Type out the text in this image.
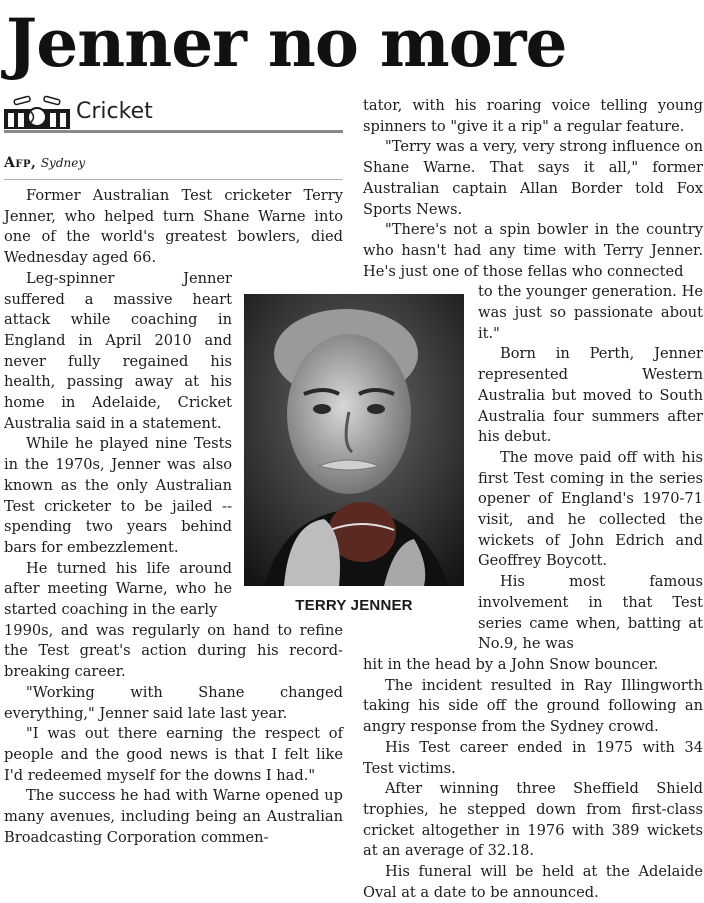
Jenner no more
Cricket
Afp, Sydney

Former Australian Test cricketer Terry Jenner, who helped turn Shane Warne into one of the world's greatest bowlers, died Wednesday aged 66.

Leg-spinner Jenner suffered a massive heart attack while coaching in England in April 2010 and never fully regained his health, passing away at his home in Adelaide, Cricket Australia said in a statement.

While he played nine Tests in the 1970s, Jenner was also known as the only Australian Test cricketer to be jailed -- spending two years behind bars for embezzlement.

He turned his life around after meeting Warne, who he started coaching in the early

1990s, and was regularly on hand to refine the Test great's action during his record-breaking career.

"Working with Shane changed everything," Jenner said late last year.

"I was out there earning the respect of people and the good news is that I felt like I'd redeemed myself for the downs I had."

The success he had with Warne opened up many avenues, including being an Australian Broadcasting Corporation commen-

TERRY JENNER

tator, with his roaring voice telling young spinners to "give it a rip" a regular feature.

"Terry was a very, very strong influence on Shane Warne. That says it all," former Australian captain Allan Border told Fox Sports News.

"There's not a spin bowler in the country who hasn't had any time with Terry Jenner. He's just one of those fellas who connected

to the younger generation. He was just so passionate about it."

Born in Perth, Jenner represented Western Australia but moved to South Australia four summers after his debut.

The move paid off with his first Test coming in the series opener of England's 1970-71 visit, and he collected the wickets of John Edrich and Geoffrey Boycott.

His most famous involvement in that Test series came when, batting at No.9, he was

hit in the head by a John Snow bouncer.

The incident resulted in Ray Illingworth taking his side off the ground following an angry response from the Sydney crowd.

His Test career ended in 1975 with 34 Test victims.

After winning three Sheffield Shield trophies, he stepped down from first-class cricket altogether in 1976 with 389 wickets at an average of 32.18.

His funeral will be held at the Adelaide Oval at a date to be announced.
